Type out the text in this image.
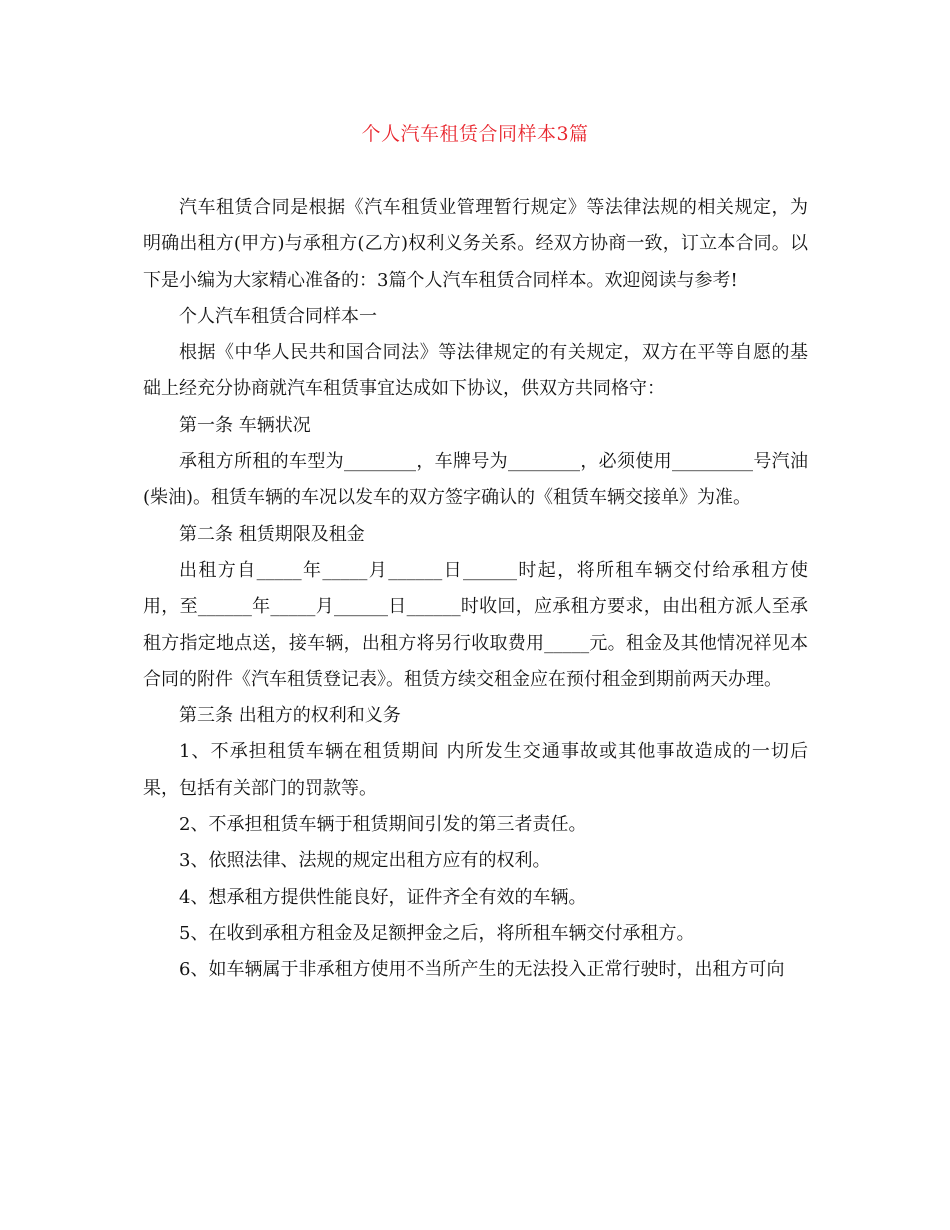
个人汽车租赁合同样本3篇

汽车租赁合同是根据《汽车租赁业管理暂行规定》等法律法规的相关规定，为明确出租方(甲方)与承租方(乙方)权利义务关系。经双方协商一致，订立本合同。以下是小编为大家精心准备的：3篇个人汽车租赁合同样本。欢迎阅读与参考!

个人汽车租赁合同样本一

根据《中华人民共和国合同法》等法律规定的有关规定，双方在平等自愿的基础上经充分协商就汽车租赁事宜达成如下协议，供双方共同格守：

第一条 车辆状况

承租方所租的车型为________，车牌号为________，必须使用_________号汽油(柴油)。租赁车辆的车况以发车的双方签字确认的《租赁车辆交接单》为准。

第二条 租赁期限及租金

出租方自_____年_____月______日______时起，将所租车辆交付给承租方使用，至______年_____月______日______时收回，应承租方要求，由出租方派人至承租方指定地点送，接车辆，出租方将另行收取费用_____元。租金及其他情况祥见本合同的附件《汽车租赁登记表》。租赁方续交租金应在预付租金到期前两天办理。

第三条 出租方的权利和义务

1、不承担租赁车辆在租赁期间 内所发生交通事故或其他事故造成的一切后果，包括有关部门的罚款等。

2、不承担租赁车辆于租赁期间引发的第三者责任。

3、依照法律、法规的规定出租方应有的权利。

4、想承租方提供性能良好，证件齐全有效的车辆。

5、在收到承租方租金及足额押金之后，将所租车辆交付承租方。

6、如车辆属于非承租方使用不当所产生的无法投入正常行驶时，出租方可向
